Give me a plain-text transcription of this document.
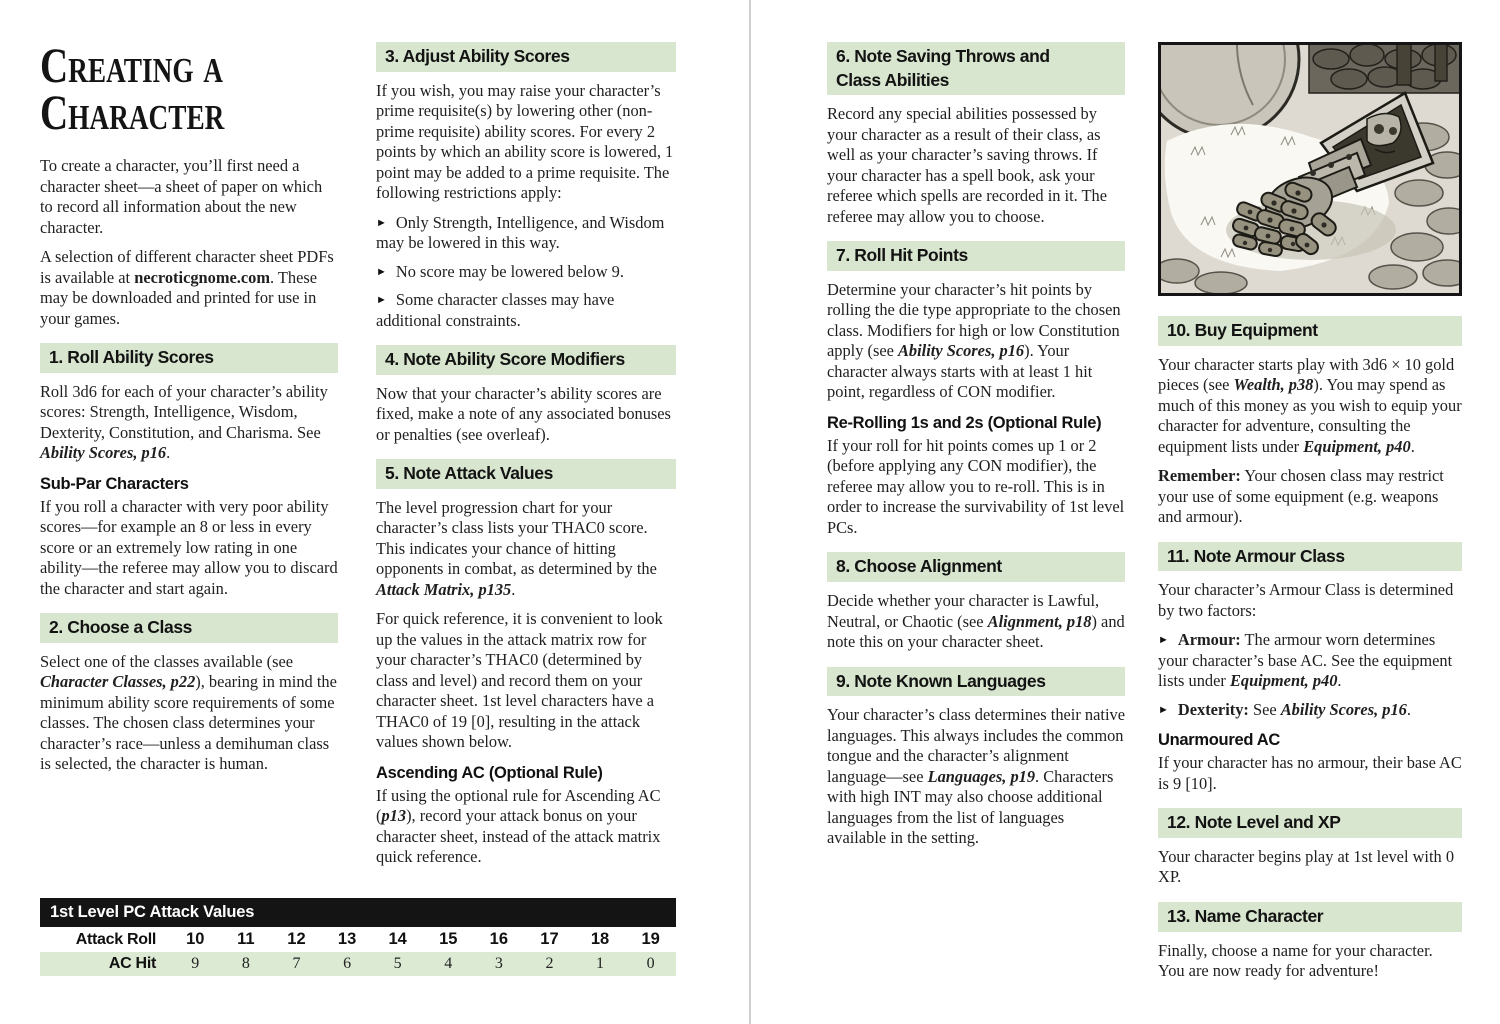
Creating a
Character

To create a character, you’ll first need a character sheet—a sheet of paper on which to record all information about the new character.

A selection of different character sheet PDFs is available at necroticgnome.com. These may be downloaded and printed for use in your games.

1. Roll Ability Scores

Roll 3d6 for each of your character’s ability scores: Strength, Intelligence, Wisdom, Dexterity, Constitution, and Charisma. See Ability Scores, p16.

Sub-Par Characters

If you roll a character with very poor ability scores—for example an 8 or less in every score or an extremely low rating in one ability—the referee may allow you to discard the character and start again.

2. Choose a Class

Select one of the classes available (see Character Classes, p22), bearing in mind the minimum ability score requirements of some classes. The chosen class determines your character’s race—unless a demihuman class is selected, the character is human.

3. Adjust Ability Scores

If you wish, you may raise your character’s prime requisite(s) by lowering other (non-prime requisite) ability scores. For every 2 points by which an ability score is lowered, 1 point may be added to a prime requisite. The following restrictions apply:

► Only Strength, Intelligence, and Wisdom may be lowered in this way.

► No score may be lowered below 9.

► Some character classes may have additional constraints.

4. Note Ability Score Modifiers

Now that your character’s ability scores are fixed, make a note of any associated bonuses or penalties (see overleaf).

5. Note Attack Values

The level progression chart for your character’s class lists your THAC0 score. This indicates your chance of hitting opponents in combat, as determined by the Attack Matrix, p135.

For quick reference, it is convenient to look up the values in the attack matrix row for your character’s THAC0 (determined by class and level) and record them on your character sheet. 1st level characters have a THAC0 of 19 [0], resulting in the attack values shown below.

Ascending AC (Optional Rule)

If using the optional rule for Ascending AC (p13), record your attack bonus on your character sheet, instead of the attack matrix quick reference.

1st Level PC Attack Values
Attack Roll	10	11	12	13	14	15	16	17	18	19
AC Hit	9	8	7	6	5	4	3	2	1	0
6. Note Saving Throws and Class Abilities

Record any special abilities possessed by your character as a result of their class, as well as your character’s saving throws. If your character has a spell book, ask your referee which spells are recorded in it. The referee may allow you to choose.

7. Roll Hit Points

Determine your character’s hit points by rolling the die type appropriate to the chosen class. Modifiers for high or low Constitution apply (see Ability Scores, p16). Your character always starts with at least 1 hit point, regardless of CON modifier.

Re-Rolling 1s and 2s (Optional Rule)

If your roll for hit points comes up 1 or 2 (before applying any CON modifier), the referee may allow you to re-roll. This is in order to increase the survivability of 1st level PCs.

8. Choose Alignment

Decide whether your character is Lawful, Neutral, or Chaotic (see Alignment, p18) and note this on your character sheet.

9. Note Known Languages

Your character’s class determines their native languages. This always includes the common tongue and the character’s alignment language—see Languages, p19. Characters with high INT may also choose additional languages from the list of languages available in the setting.

10. Buy Equipment

Your character starts play with 3d6 × 10 gold pieces (see Wealth, p38). You may spend as much of this money as you wish to equip your character for adventure, consulting the equipment lists under Equipment, p40.

Remember: Your chosen class may restrict your use of some equipment (e.g. weapons and armour).

11. Note Armour Class

Your character’s Armour Class is determined by two factors:

► Armour: The armour worn determines your character’s base AC. See the equipment lists under Equipment, p40.

► Dexterity: See Ability Scores, p16.

Unarmoured AC

If your character has no armour, their base AC is 9 [10].

12. Note Level and XP

Your character begins play at 1st level with 0 XP.

13. Name Character

Finally, choose a name for your character. You are now ready for adventure!
